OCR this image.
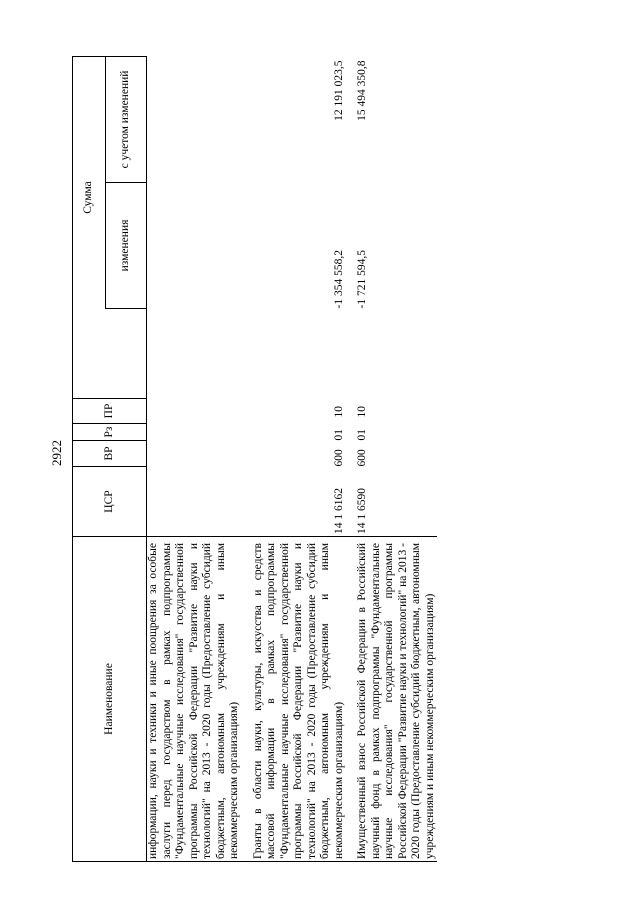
2922
Наименование	ЦСР	ВР	Рз	ПР	Сумма		
						изменения	с учетом изменений

информации, науки и техники и иные поощрения за особые заслуги перед государством в рамках подпрограммы "Фундаментальные научные исследования" государственной программы Российской Федерации "Развитие науки и технологий" на 2013 - 2020 годы (Предоставление субсидий бюджетным, автономным учреждениям и иным некоммерческим организациям)							

Гранты в области науки, культуры, искусства и средств массовой информации в рамках подпрограммы "Фундаментальные научные исследования" государственной программы Российской Федерации "Развитие науки и технологий" на 2013 - 2020 годы (Предоставление субсидий бюджетным, автономным учреждениям и иным некоммерческим организациям)	14 1 6162	600	01	10		-1 354 558,2	12 191 023,5

Имущественный взнос Российской Федерации в Российский научный фонд в рамках подпрограммы "Фундаментальные научные исследования" государственной программы Российской Федерации "Развитие науки и технологий" на 2013 - 2020 годы (Предоставление субсидий бюджетным, автономным учреждениям и иным некоммерческим организациям)	14 1 6590	600	01	10		-1 721 594,5	15 494 350,8
